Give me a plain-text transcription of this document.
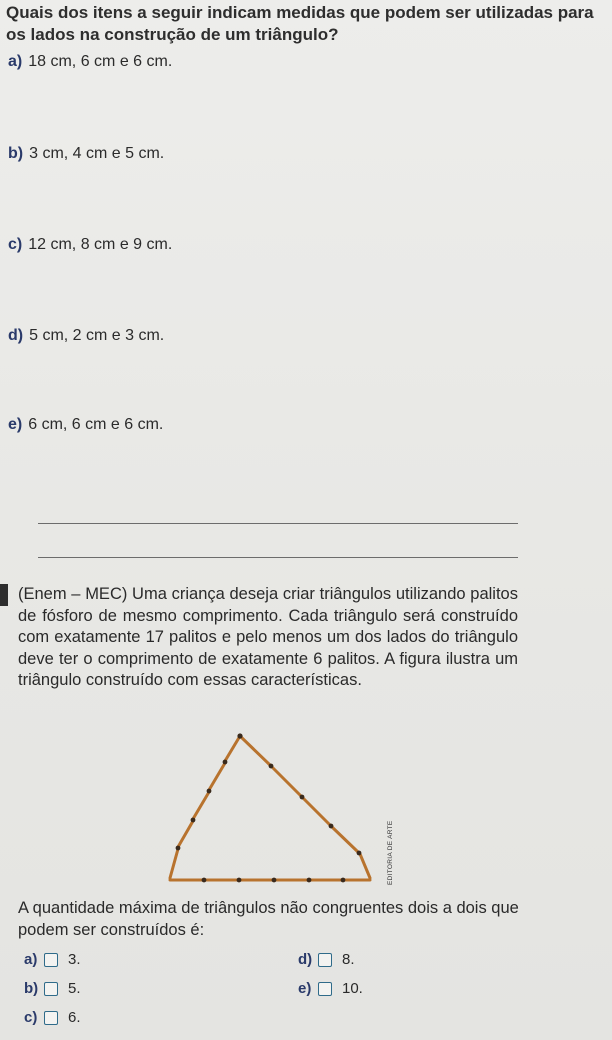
Quais dos itens a seguir indicam medidas que podem ser utilizadas para os lados na construção de um triângulo?
a) 18 cm, 6 cm e 6 cm.
b) 3 cm, 4 cm e 5 cm.
c) 12 cm, 8 cm e 9 cm.
d) 5 cm, 2 cm e 3 cm.
e) 6 cm, 6 cm e 6 cm.

(Enem – MEC) Uma criança deseja criar triângulos utilizando palitos de fósforo de mesmo comprimento. Cada triângulo será construído com exatamente 17 palitos e pelo menos um dos lados do triângulo deve ter o comprimento de exatamente 6 palitos. A figura ilustra um triângulo construído com essas características.

EDITORIA DE ARTE
A quantidade máxima de triângulos não congruentes dois a dois que podem ser construídos é:
a)	3.
b)	5.
c)	6.
d)	8.
e)	10.
